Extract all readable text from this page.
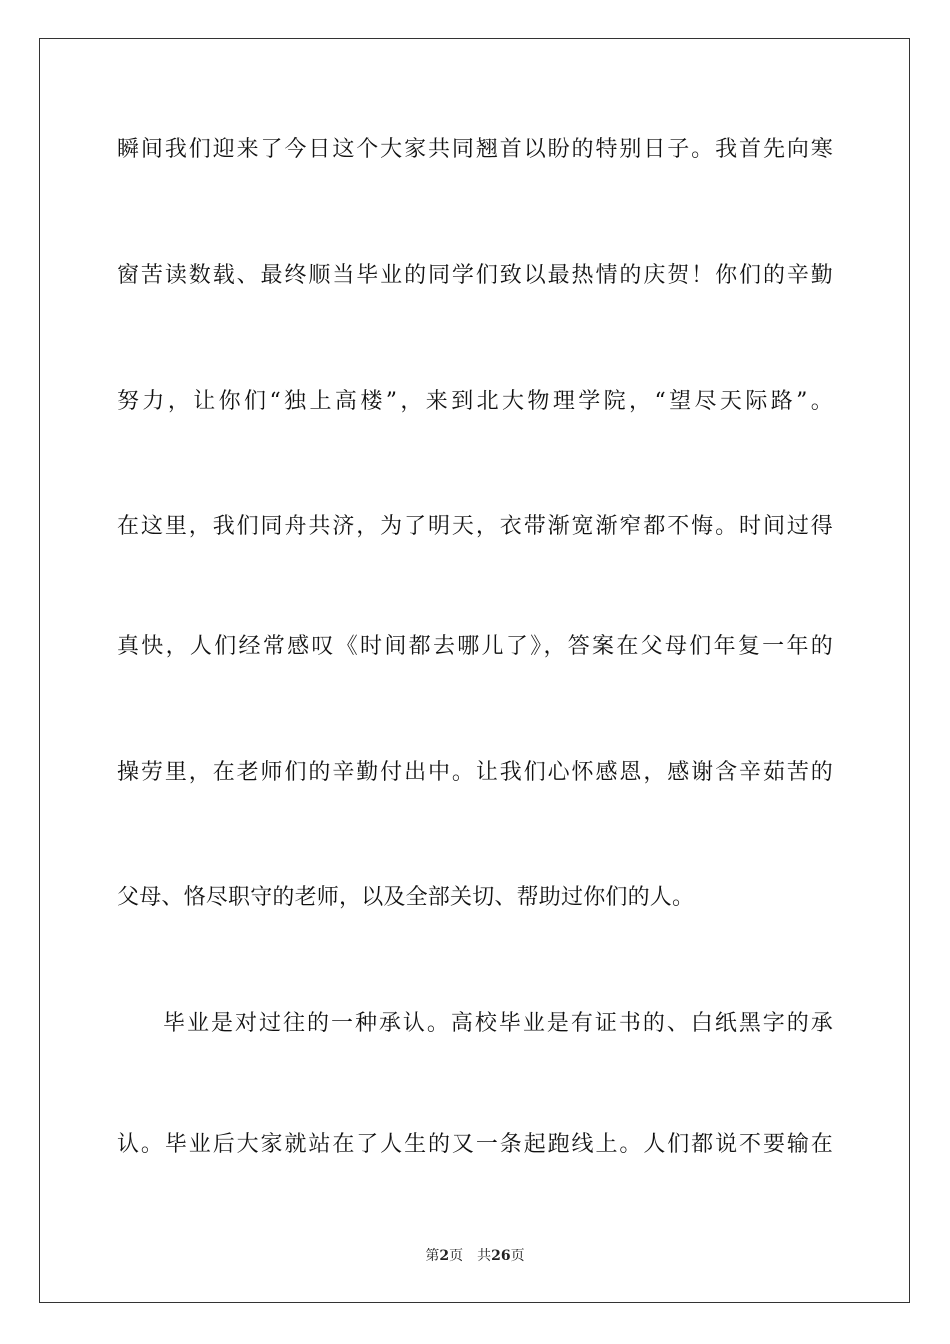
瞬间我们迎来了今日这个大家共同翘首以盼的特别日子。我首先向寒
窗苦读数载、最终顺当毕业的同学们致以最热情的庆贺！你们的辛勤
努力，让你们“独上高楼”，来到北大物理学院，“望尽天际路”。
在这里，我们同舟共济，为了明天，衣带渐宽渐窄都不悔。时间过得
真快，人们经常感叹《时间都去哪儿了》，答案在父母们年复一年的
操劳里，在老师们的辛勤付出中。让我们心怀感恩，感谢含辛茹苦的
父母、恪尽职守的老师，以及全部关切、帮助过你们的人。
毕业是对过往的一种承认。高校毕业是有证书的、白纸黑字的承
认。毕业后大家就站在了人生的又一条起跑线上。人们都说不要输在
第2页 共26页
